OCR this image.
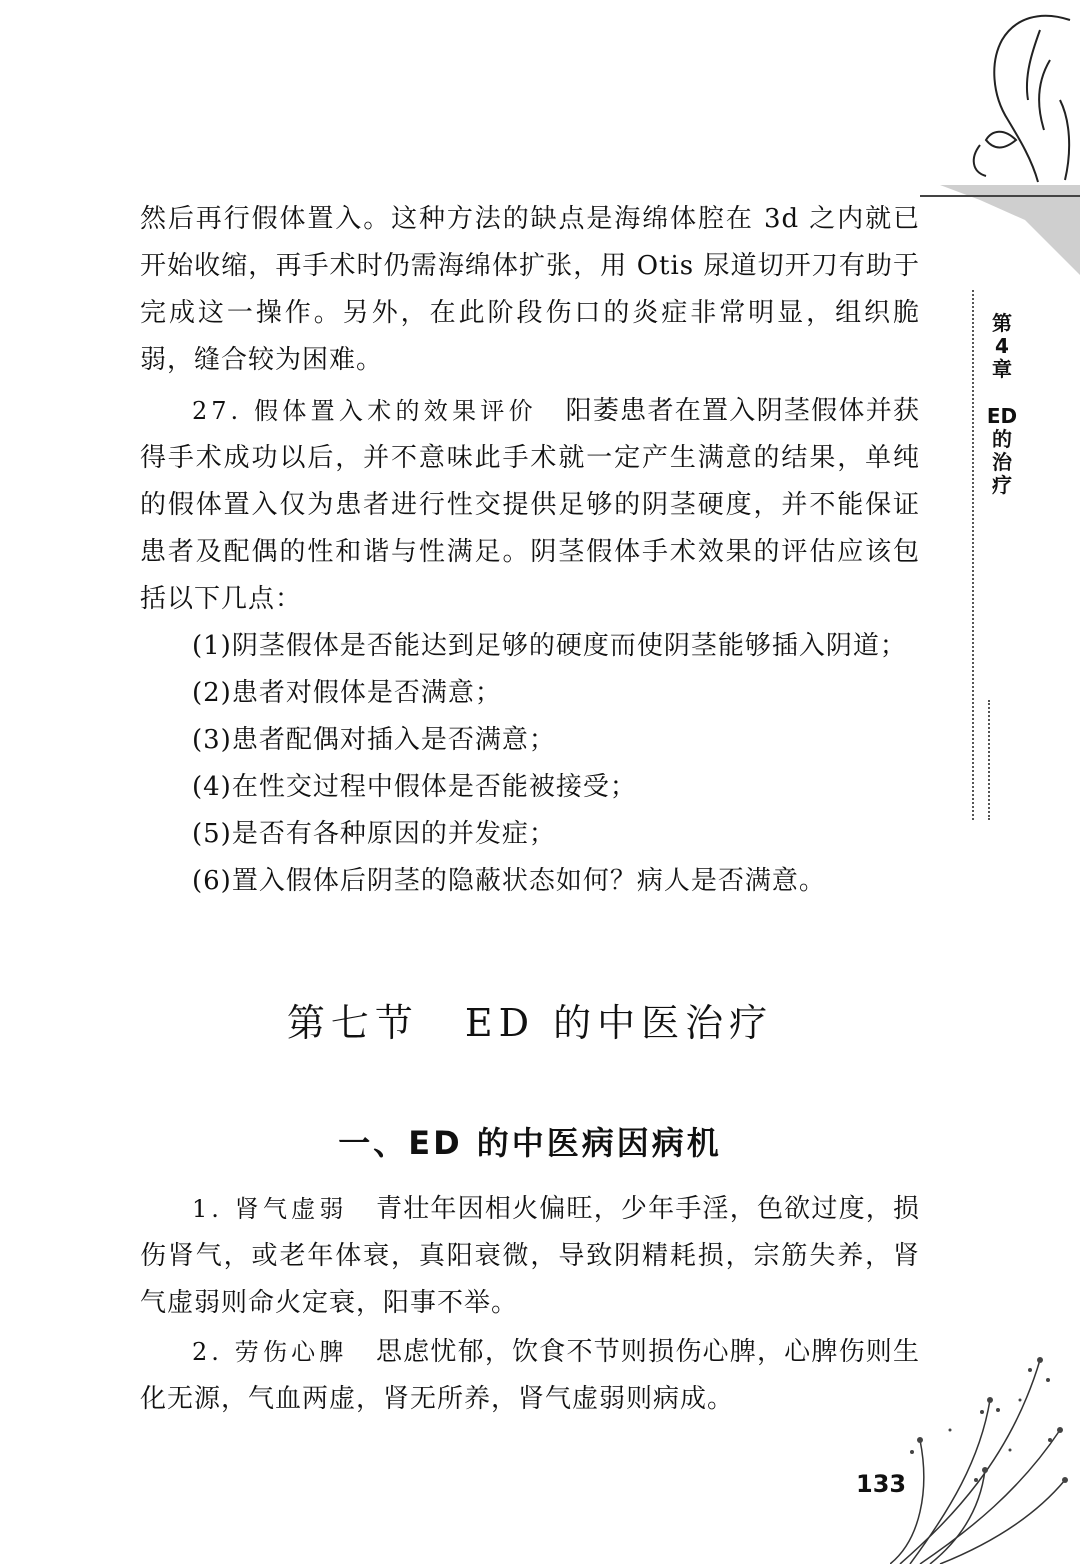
第
4
章
ED
的
治
疗

然后再行假体置入。这种方法的缺点是海绵体腔在 3d 之内就已开始收缩，再手术时仍需海绵体扩张，用 Otis 尿道切开刀有助于完成这一操作。另外，在此阶段伤口的炎症非常明显，组织脆弱，缝合较为困难。

27. 假体置入术的效果评价 阳萎患者在置入阴茎假体并获得手术成功以后，并不意味此手术就一定产生满意的结果，单纯的假体置入仅为患者进行性交提供足够的阴茎硬度，并不能保证患者及配偶的性和谐与性满足。阴茎假体手术效果的评估应该包括以下几点：

(1)阴茎假体是否能达到足够的硬度而使阴茎能够插入阴道；

(2)患者对假体是否满意；

(3)患者配偶对插入是否满意；

(4)在性交过程中假体是否能被接受；

(5)是否有各种原因的并发症；

(6)置入假体后阴茎的隐蔽状态如何？病人是否满意。

第七节 ED 的中医治疗
一、ED 的中医病因病机

1. 肾气虚弱 青壮年因相火偏旺，少年手淫，色欲过度，损伤肾气，或老年体衰，真阳衰微，导致阴精耗损，宗筋失养，肾气虚弱则命火定衰，阳事不举。

2. 劳伤心脾 思虑忧郁，饮食不节则损伤心脾，心脾伤则生化无源，气血两虚，肾无所养，肾气虚弱则病成。

133
